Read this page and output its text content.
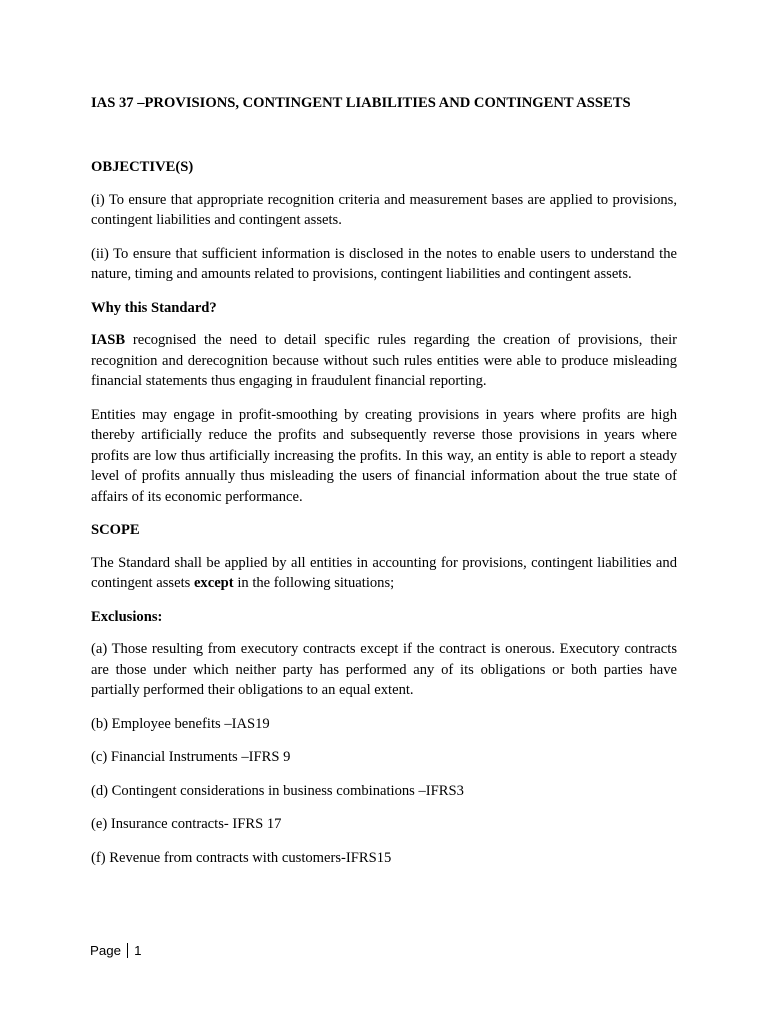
IAS 37 –PROVISIONS, CONTINGENT LIABILITIES AND CONTINGENT ASSETS
OBJECTIVE(S)

(i) To ensure that appropriate recognition criteria and measurement bases are applied to provisions, contingent liabilities and contingent assets.

(ii) To ensure that sufficient information is disclosed in the notes to enable users to understand the nature, timing and amounts related to provisions, contingent liabilities and contingent assets.

Why this Standard?

IASB recognised the need to detail specific rules regarding the creation of provisions, their recognition and derecognition because without such rules entities were able to produce misleading financial statements thus engaging in fraudulent financial reporting.

Entities may engage in profit-smoothing by creating provisions in years where profits are high thereby artificially reduce the profits and subsequently reverse those provisions in years where profits are low thus artificially increasing the profits. In this way, an entity is able to report a steady level of profits annually thus misleading the users of financial information about the true state of affairs of its economic performance.

SCOPE

The Standard shall be applied by all entities in accounting for provisions, contingent liabilities and contingent assets except in the following situations;

Exclusions:

(a) Those resulting from executory contracts except if the contract is onerous. Executory contracts are those under which neither party has performed any of its obligations or both parties have partially performed their obligations to an equal extent.

(b) Employee benefits –IAS19

(c) Financial Instruments –IFRS 9

(d) Contingent considerations in business combinations –IFRS3

(e) Insurance contracts- IFRS 17

(f) Revenue from contracts with customers-IFRS15

Page 1
